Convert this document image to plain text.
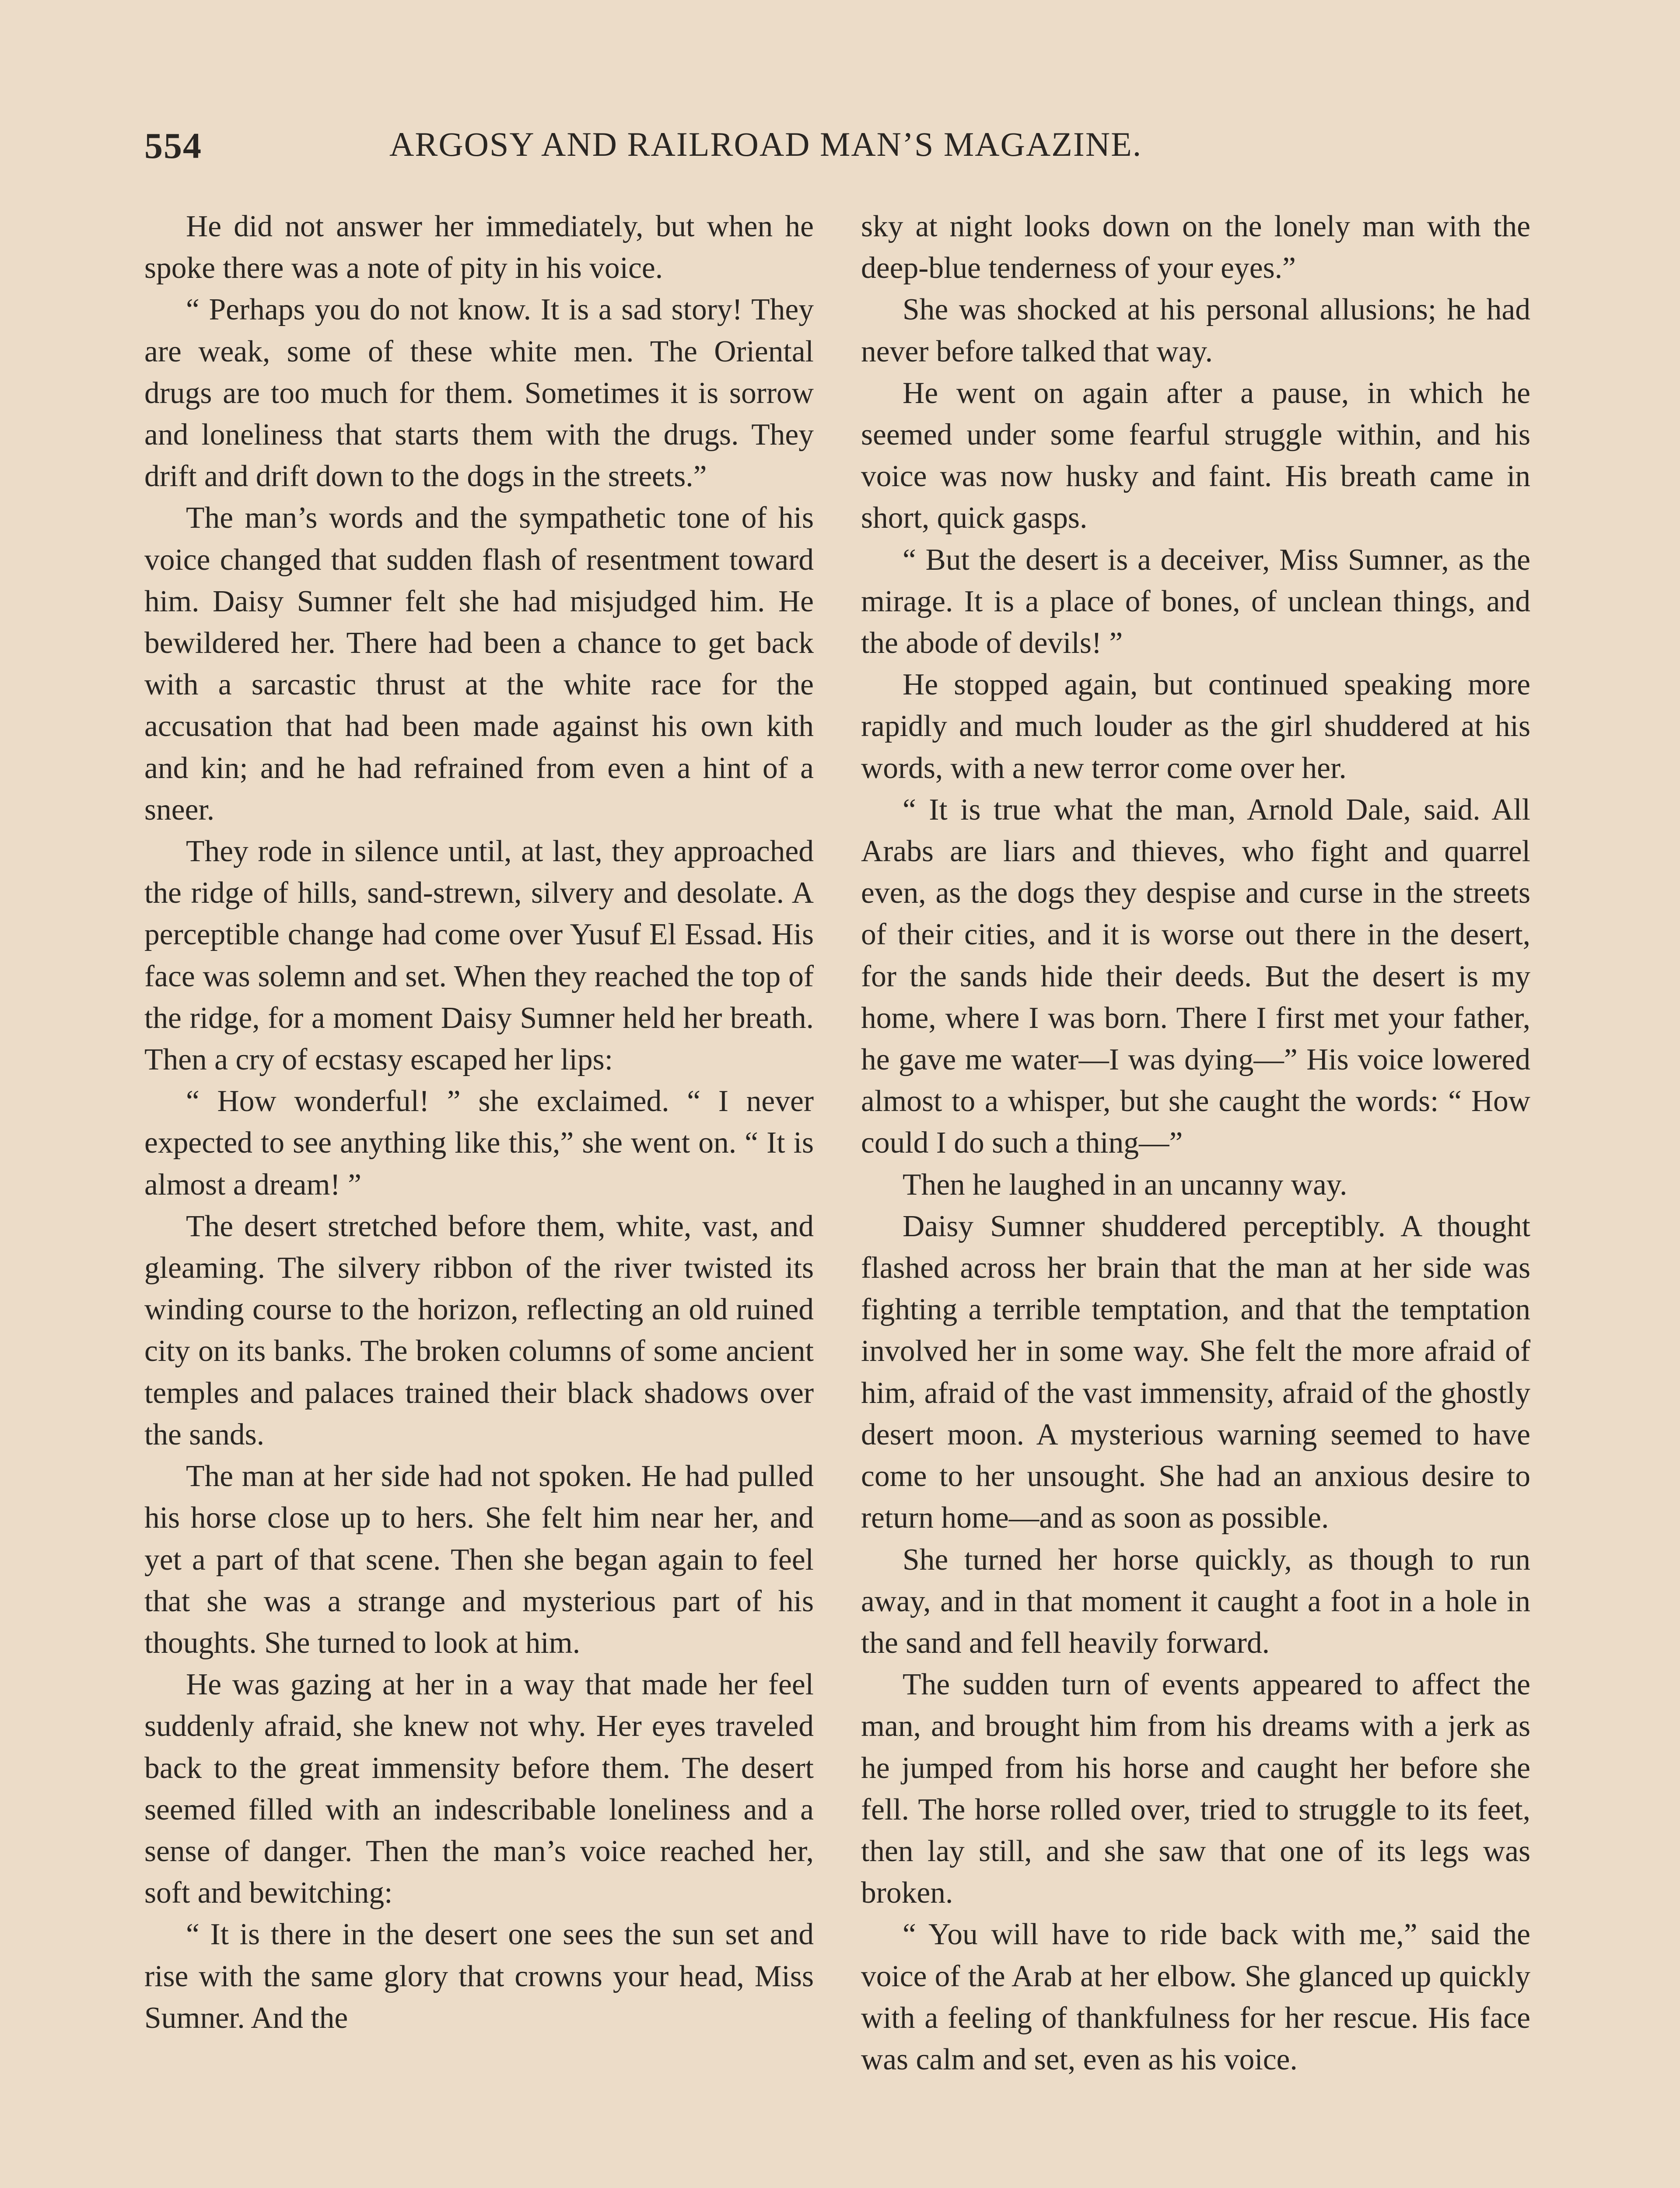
554	ARGOSY AND RAILROAD MAN’S MAGAZINE.

He did not answer her immediately, but when he spoke there was a note of pity in his voice.

“ Perhaps you do not know. It is a sad story! They are weak, some of these white men. The Oriental drugs are too much for them. Sometimes it is sorrow and loneliness that starts them with the drugs. They drift and drift down to the dogs in the streets.”

The man’s words and the sympathetic tone of his voice changed that sudden flash of resentment toward him. Daisy Sumner felt she had misjudged him. He bewildered her. There had been a chance to get back with a sarcastic thrust at the white race for the accusation that had been made against his own kith and kin; and he had refrained from even a hint of a sneer.

They rode in silence until, at last, they approached the ridge of hills, sand-strewn, silvery and desolate. A perceptible change had come over Yusuf El Essad. His face was solemn and set. When they reached the top of the ridge, for a moment Daisy Sumner held her breath. Then a cry of ecstasy escaped her lips:

“ How wonderful! ” she exclaimed. “ I never expected to see anything like this,” she went on. “ It is almost a dream! ”

The desert stretched before them, white, vast, and gleaming. The silvery ribbon of the river twisted its winding course to the horizon, reflecting an old ruined city on its banks. The broken columns of some ancient temples and palaces trained their black shadows over the sands.

The man at her side had not spoken. He had pulled his horse close up to hers. She felt him near her, and yet a part of that scene. Then she began again to feel that she was a strange and mysterious part of his thoughts. She turned to look at him.

He was gazing at her in a way that made her feel suddenly afraid, she knew not why. Her eyes traveled back to the great immensity before them. The desert seemed filled with an indescribable loneliness and a sense of danger. Then the man’s voice reached her, soft and bewitching:

“ It is there in the desert one sees the sun set and rise with the same glory that crowns your head, Miss Sumner. And the

sky at night looks down on the lonely man with the deep-blue tenderness of your eyes.”

She was shocked at his personal allusions; he had never before talked that way.

He went on again after a pause, in which he seemed under some fearful struggle within, and his voice was now husky and faint. His breath came in short, quick gasps.

“ But the desert is a deceiver, Miss Sumner, as the mirage. It is a place of bones, of unclean things, and the abode of devils! ”

He stopped again, but continued speaking more rapidly and much louder as the girl shuddered at his words, with a new terror come over her.

“ It is true what the man, Arnold Dale, said. All Arabs are liars and thieves, who fight and quarrel even, as the dogs they despise and curse in the streets of their cities, and it is worse out there in the desert, for the sands hide their deeds. But the desert is my home, where I was born. There I first met your father, he gave me water—I was dying—” His voice lowered almost to a whisper, but she caught the words: “ How could I do such a thing—”

Then he laughed in an uncanny way.

Daisy Sumner shuddered perceptibly. A thought flashed across her brain that the man at her side was fighting a terrible temptation, and that the temptation involved her in some way. She felt the more afraid of him, afraid of the vast immensity, afraid of the ghostly desert moon. A mysterious warning seemed to have come to her unsought. She had an anxious desire to return home—and as soon as possible.

She turned her horse quickly, as though to run away, and in that moment it caught a foot in a hole in the sand and fell heavily forward.

The sudden turn of events appeared to affect the man, and brought him from his dreams with a jerk as he jumped from his horse and caught her before she fell. The horse rolled over, tried to struggle to its feet, then lay still, and she saw that one of its legs was broken.

“ You will have to ride back with me,” said the voice of the Arab at her elbow. She glanced up quickly with a feeling of thankfulness for her rescue. His face was calm and set, even as his voice.
